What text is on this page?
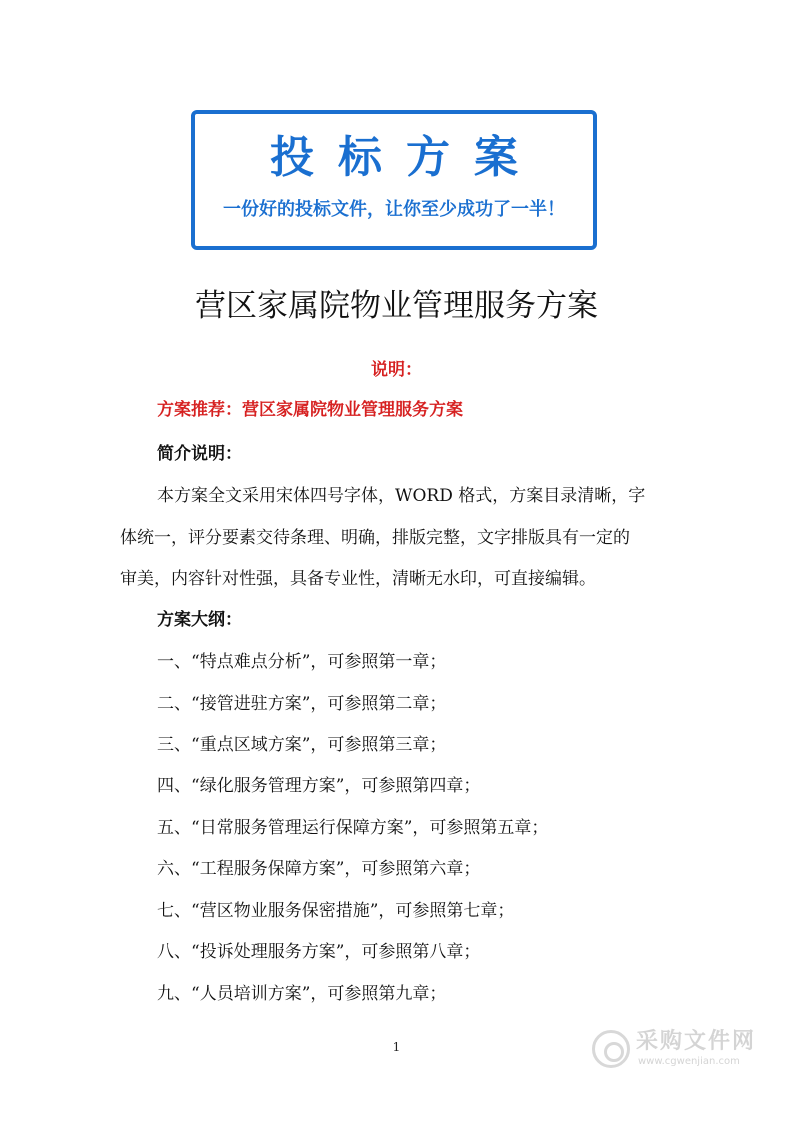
投标方案
一份好的投标文件，让你至少成功了一半！
营区家属院物业管理服务方案
说明：
方案推荐：营区家属院物业管理服务方案
简介说明：
本方案全文采用宋体四号字体，WORD 格式，方案目录清晰，字
体统一，评分要素交待条理、明确，排版完整，文字排版具有一定的
审美，内容针对性强，具备专业性，清晰无水印，可直接编辑。
方案大纲：
一、“特点难点分析”，可参照第一章；
二、“接管进驻方案”，可参照第二章；
三、“重点区域方案”，可参照第三章；
四、“绿化服务管理方案”，可参照第四章；
五、“日常服务管理运行保障方案”，可参照第五章；
六、“工程服务保障方案”，可参照第六章；
七、“营区物业服务保密措施”，可参照第七章；
八、“投诉处理服务方案”，可参照第八章；
九、“人员培训方案”，可参照第九章；
1	采购文件网
www.cgwenjian.com
